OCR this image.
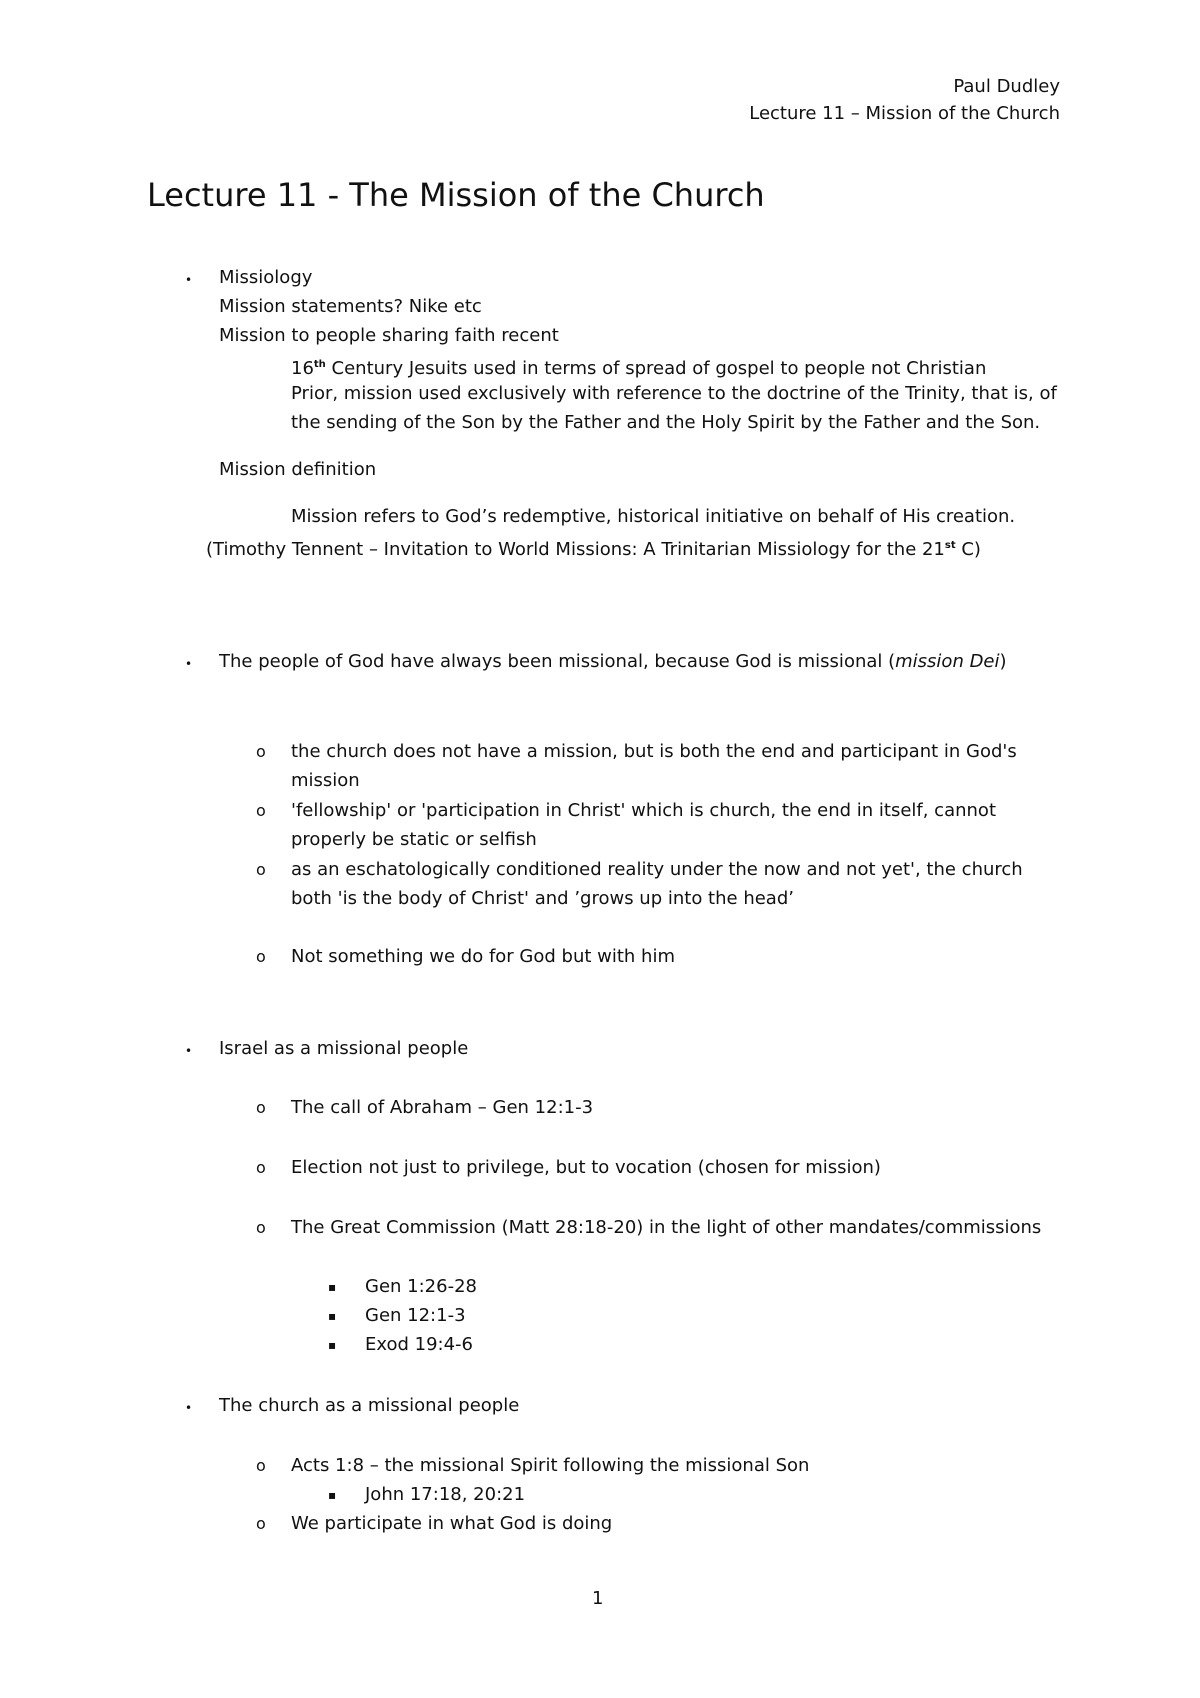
Paul Dudley
Lecture 11 – Mission of the Church
Lecture 11 - The Mission of the Church
• Missiology
Mission statements? Nike etc
Mission to people sharing faith recent
16th Century Jesuits used in terms of spread of gospel to people not Christian
Prior, mission used exclusively with reference to the doctrine of the Trinity, that is, of
the sending of the Son by the Father and the Holy Spirit by the Father and the Son.
Mission definition
Mission refers to God’s redemptive, historical initiative on behalf of His creation.
(Timothy Tennent – Invitation to World Missions: A Trinitarian Missiology for the 21st C)
• The people of God have always been missional, because God is missional (mission Dei)
o the church does not have a mission, but is both the end and participant in God's
mission
o 'fellowship' or 'participation in Christ' which is church, the end in itself, cannot
properly be static or selfish
o as an eschatologically conditioned reality under the now and not yet', the church
both 'is the body of Christ' and ’grows up into the head’
o Not something we do for God but with him
• Israel as a missional people
o The call of Abraham – Gen 12:1-3
o Election not just to privilege, but to vocation (chosen for mission)
o The Great Commission (Matt 28:18-20) in the light of other mandates/commissions
▪ Gen 1:26-28
▪ Gen 12:1-3
▪ Exod 19:4-6
• The church as a missional people
o Acts 1:8 – the missional Spirit following the missional Son
▪ John 17:18, 20:21
o We participate in what God is doing
1
